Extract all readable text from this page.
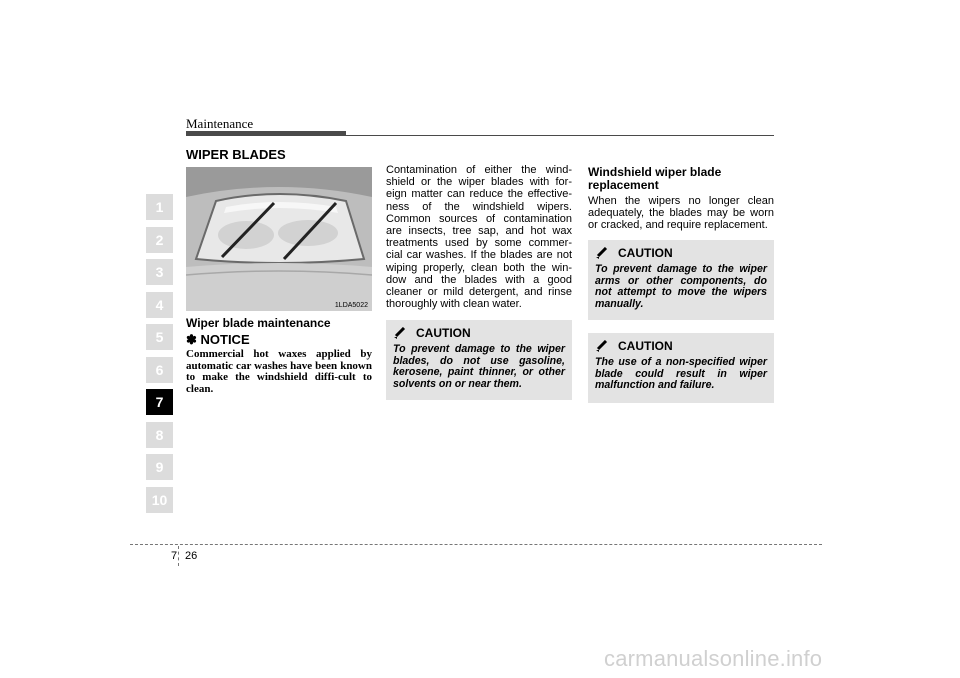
Maintenance
1
2
3
4
5
6
7
8
9
10
WIPER BLADES
1LDA5022
Wiper blade maintenance
✽ NOTICE
Commercial hot waxes applied by automatic car washes have been known to make the windshield diffi-cult to clean.
Contamination of either the wind-shield or the wiper blades with for-eign matter can reduce the effective-ness of the windshield wipers. Common sources of contamination are insects, tree sap, and hot wax treatments used by some commer-cial car washes. If the blades are not wiping properly, clean both the win-dow and the blades with a good cleaner or mild detergent, and rinse thoroughly with clean water.
CAUTION
To prevent damage to the wiper blades, do not use gasoline, kerosene, paint thinner, or other solvents on or near them.
Windshield wiper blade replacement
When the wipers no longer clean adequately, the blades may be worn or cracked, and require replacement.
CAUTION
To prevent damage to the wiper arms or other components, do not attempt to move the wipers manually.
CAUTION
The use of a non-specified wiper blade could result in wiper malfunction and failure.
7 26
carmanualsonline.info
